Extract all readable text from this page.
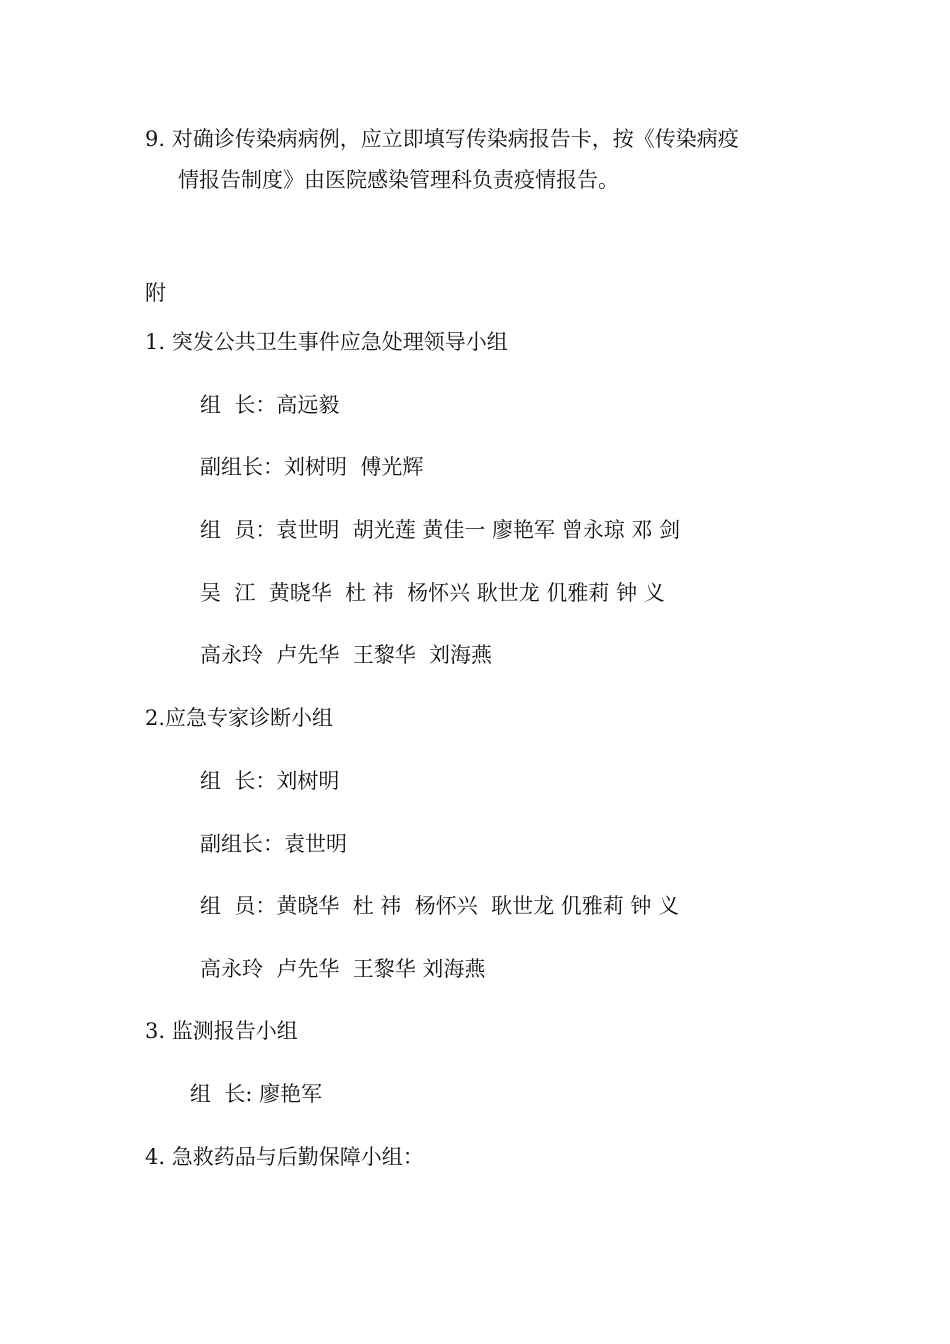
9. 对确诊传染病病例，应立即填写传染病报告卡，按《传染病疫
情报告制度》由医院感染管理科负责疫情报告。
附
1. 突发公共卫生事件应急处理领导小组
组  长：高远毅
副组长：刘树明  傅光辉
组  员：袁世明  胡光莲 黄佳一 廖艳军 曾永琼 邓 剑
吴  江  黄晓华  杜 祎  杨怀兴 耿世龙 仉雅莉 钟 义
高永玲  卢先华  王黎华  刘海燕
2.应急专家诊断小组
组  长：刘树明
副组长：袁世明
组  员：黄晓华  杜 祎  杨怀兴  耿世龙 仉雅莉 钟 义
高永玲  卢先华  王黎华 刘海燕
3. 监测报告小组
组  长: 廖艳军
4. 急救药品与后勤保障小组：
